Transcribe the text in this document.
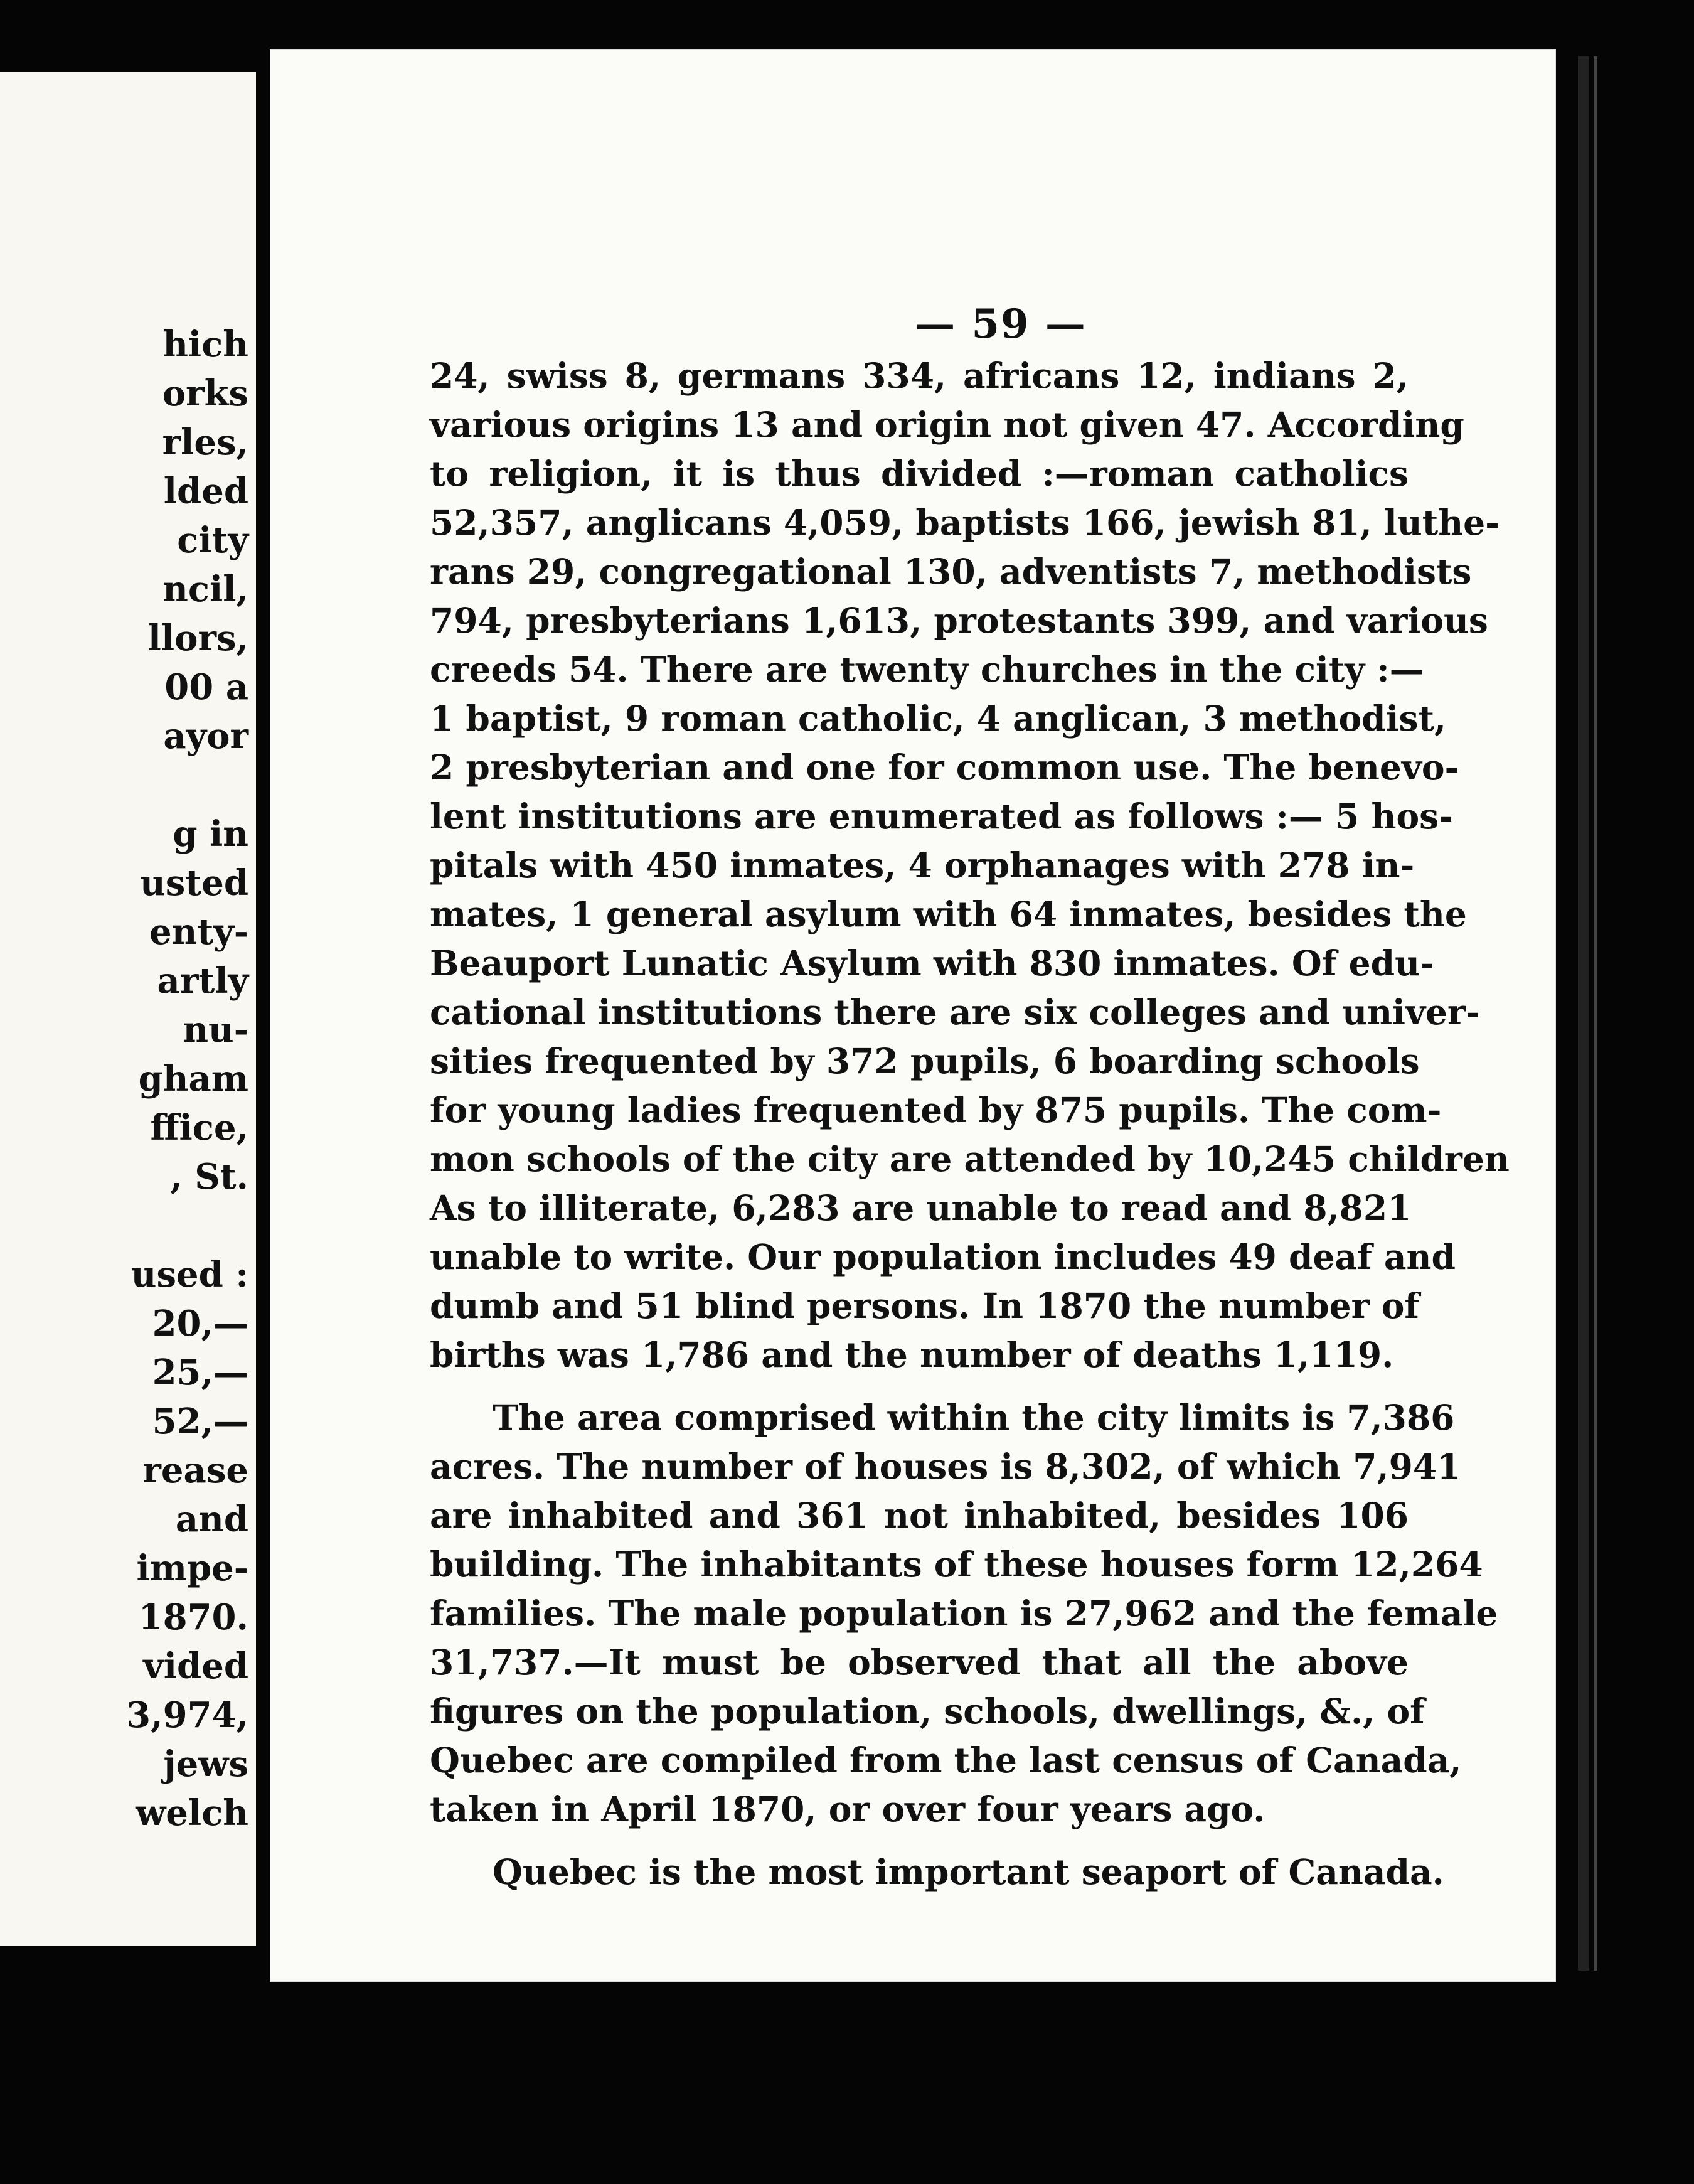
hich
orks
rles,
lded
city
ncil,
llors,
00 a
ayor
g in
usted
enty-
artly
nu-
gham
ffice,
, St.
used :
20,—
25,—
52,—
rease
and
impe-
1870.
vided
3,974,
jews
welch
— 59 —
24, swiss 8, germans 334, africans 12, indians 2,
various origins 13 and origin not given 47. According
to religion, it is thus divided :—roman catholics
52,357, anglicans 4,059, baptists 166, jewish 81, luthe-
rans 29, congregational 130, adventists 7, methodists
794, presbyterians 1,613, protestants 399, and various
creeds 54. There are twenty churches in the city :—
1 baptist, 9 roman catholic, 4 anglican, 3 methodist,
2 presbyterian and one for common use. The benevo-
lent institutions are enumerated as follows :— 5 hos-
pitals with 450 inmates, 4 orphanages with 278 in-
mates, 1 general asylum with 64 inmates, besides the
Beauport Lunatic Asylum with 830 inmates. Of edu-
cational institutions there are six colleges and univer-
sities frequented by 372 pupils, 6 boarding schools
for young ladies frequented by 875 pupils. The com-
mon schools of the city are attended by 10,245 children
As to illiterate, 6,283 are unable to read and 8,821
unable to write. Our population includes 49 deaf and
dumb and 51 blind persons. In 1870 the number of
births was 1,786 and the number of deaths 1,119.
The area comprised within the city limits is 7,386
acres. The number of houses is 8,302, of which 7,941
are inhabited and 361 not inhabited, besides 106
building. The inhabitants of these houses form 12,264
families. The male population is 27,962 and the female
31,737.—It must be observed that all the above
figures on the population, schools, dwellings, &., of
Quebec are compiled from the last census of Canada,
taken in April 1870, or over four years ago.
Quebec is the most important seaport of Canada.
